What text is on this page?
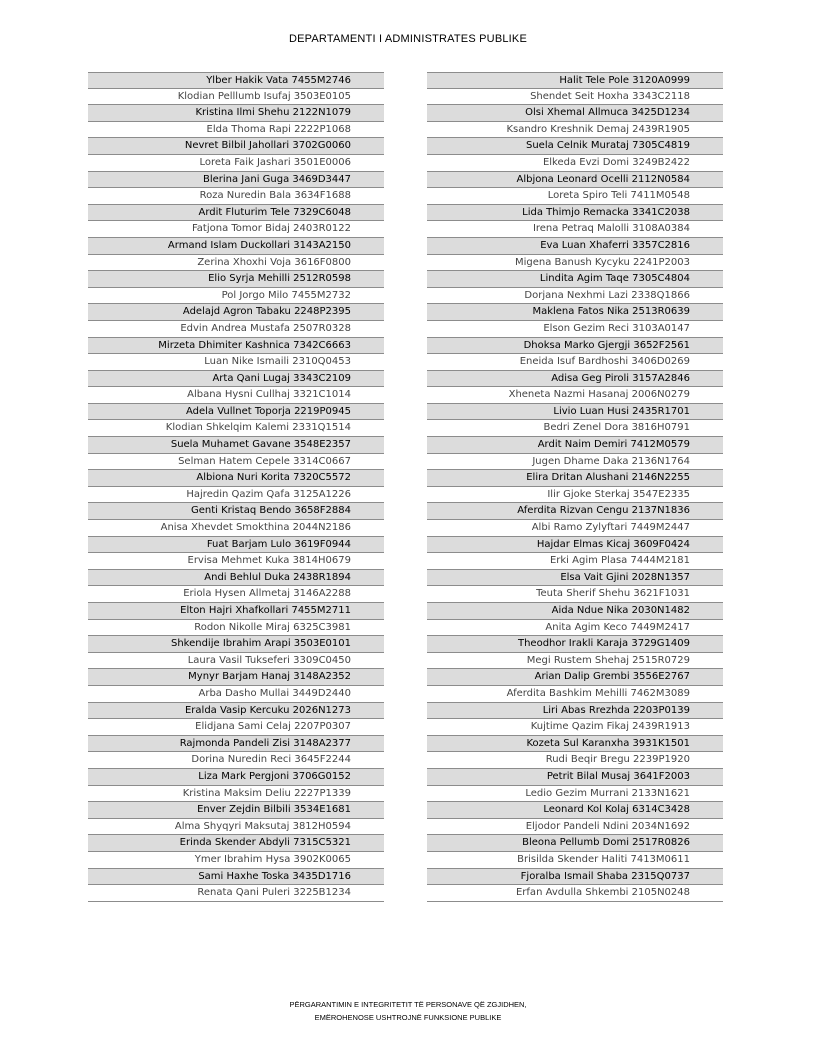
DEPARTAMENTI I ADMINISTRATES PUBLIKE
Ylber Hakik Vata 7455M2746
Klodian Pelllumb Isufaj 3503E0105
Kristina Ilmi Shehu 2122N1079
Elda Thoma Rapi 2222P1068
Nevret Bilbil Jahollari 3702G0060
Loreta Faik Jashari 3501E0006
Blerina Jani Guga 3469D3447
Roza Nuredin Bala 3634F1688
Ardit Fluturim Tele 7329C6048
Fatjona Tomor Bidaj 2403R0122
Armand Islam Duckollari 3143A2150
Zerina Xhoxhi Voja 3616F0800
Elio Syrja Mehilli 2512R0598
Pol Jorgo Milo 7455M2732
Adelajd Agron Tabaku 2248P2395
Edvin Andrea Mustafa 2507R0328
Mirzeta Dhimiter Kashnica 7342C6663
Luan Nike Ismaili 2310Q0453
Arta Qani Lugaj 3343C2109
Albana Hysni Cullhaj 3321C1014
Adela Vullnet Toporja 2219P0945
Klodian Shkelqim Kalemi 2331Q1514
Suela Muhamet Gavane 3548E2357
Selman Hatem Cepele 3314C0667
Albiona Nuri Korita 7320C5572
Hajredin Qazim Qafa 3125A1226
Genti Kristaq Bendo 3658F2884
Anisa Xhevdet Smokthina 2044N2186
Fuat Barjam Lulo 3619F0944
Ervisa Mehmet Kuka 3814H0679
Andi Behlul Duka 2438R1894
Eriola Hysen Allmetaj 3146A2288
Elton Hajri Xhafkollari 7455M2711
Rodon Nikolle Miraj 6325C3981
Shkendije Ibrahim Arapi 3503E0101
Laura Vasil Tukseferi 3309C0450
Mynyr Barjam Hanaj 3148A2352
Arba Dasho Mullai 3449D2440
Eralda Vasip Kercuku 2026N1273
Elidjana Sami Celaj 2207P0307
Rajmonda Pandeli Zisi 3148A2377
Dorina Nuredin Reci 3645F2244
Liza Mark Pergjoni 3706G0152
Kristina Maksim Deliu 2227P1339
Enver Zejdin Bilbili 3534E1681
Alma Shyqyri Maksutaj 3812H0594
Erinda Skender Abdyli 7315C5321
Ymer Ibrahim Hysa 3902K0065
Sami Haxhe Toska 3435D1716
Renata Qani Puleri 3225B1234
Halit Tele Pole 3120A0999
Shendet Seit Hoxha 3343C2118
Olsi Xhemal Allmuca 3425D1234
Ksandro Kreshnik Demaj 2439R1905
Suela Celnik Murataj 7305C4819
Elkeda Evzi Domi 3249B2422
Albjona Leonard Ocelli 2112N0584
Loreta Spiro Teli 7411M0548
Lida Thimjo Remacka 3341C2038
Irena Petraq Malolli 3108A0384
Eva Luan Xhaferri 3357C2816
Migena Banush Kycyku 2241P2003
Lindita Agim Taqe 7305C4804
Dorjana Nexhmi Lazi 2338Q1866
Maklena Fatos Nika 2513R0639
Elson Gezim Reci 3103A0147
Dhoksa Marko Gjergji 3652F2561
Eneida Isuf Bardhoshi 3406D0269
Adisa Geg Piroli 3157A2846
Xheneta Nazmi Hasanaj 2006N0279
Livio Luan Husi 2435R1701
Bedri Zenel Dora 3816H0791
Ardit Naim Demiri 7412M0579
Jugen Dhame Daka 2136N1764
Elira Dritan Alushani 2146N2255
Ilir Gjoke Sterkaj 3547E2335
Aferdita Rizvan Cengu 2137N1836
Albi Ramo Zylyftari 7449M2447
Hajdar Elmas Kicaj 3609F0424
Erki Agim Plasa 7444M2181
Elsa Vait Gjini 2028N1357
Teuta Sherif Shehu 3621F1031
Aida Ndue Nika 2030N1482
Anita Agim Keco 7449M2417
Theodhor Irakli Karaja 3729G1409
Megi Rustem Shehaj 2515R0729
Arian Dalip Grembi 3556E2767
Aferdita Bashkim Mehilli 7462M3089
Liri Abas Rrezhda 2203P0139
Kujtime Qazim Fikaj 2439R1913
Kozeta Sul Karanxha 3931K1501
Rudi Beqir Bregu 2239P1920
Petrit Bilal Musaj 3641F2003
Ledio Gezim Murrani 2133N1621
Leonard Kol Kolaj 6314C3428
Eljodor Pandeli Ndini 2034N1692
Bleona Pellumb Domi 2517R0826
Brisilda Skender Haliti 7413M0611
Fjoralba Ismail Shaba 2315Q0737
Erfan Avdulla Shkembi 2105N0248
PËRGARANTIMIN E INTEGRITETIT TË PERSONAVE QË ZGJIDHEN,
EMËROHENOSE USHTROJNË FUNKSIONE PUBLIKE
